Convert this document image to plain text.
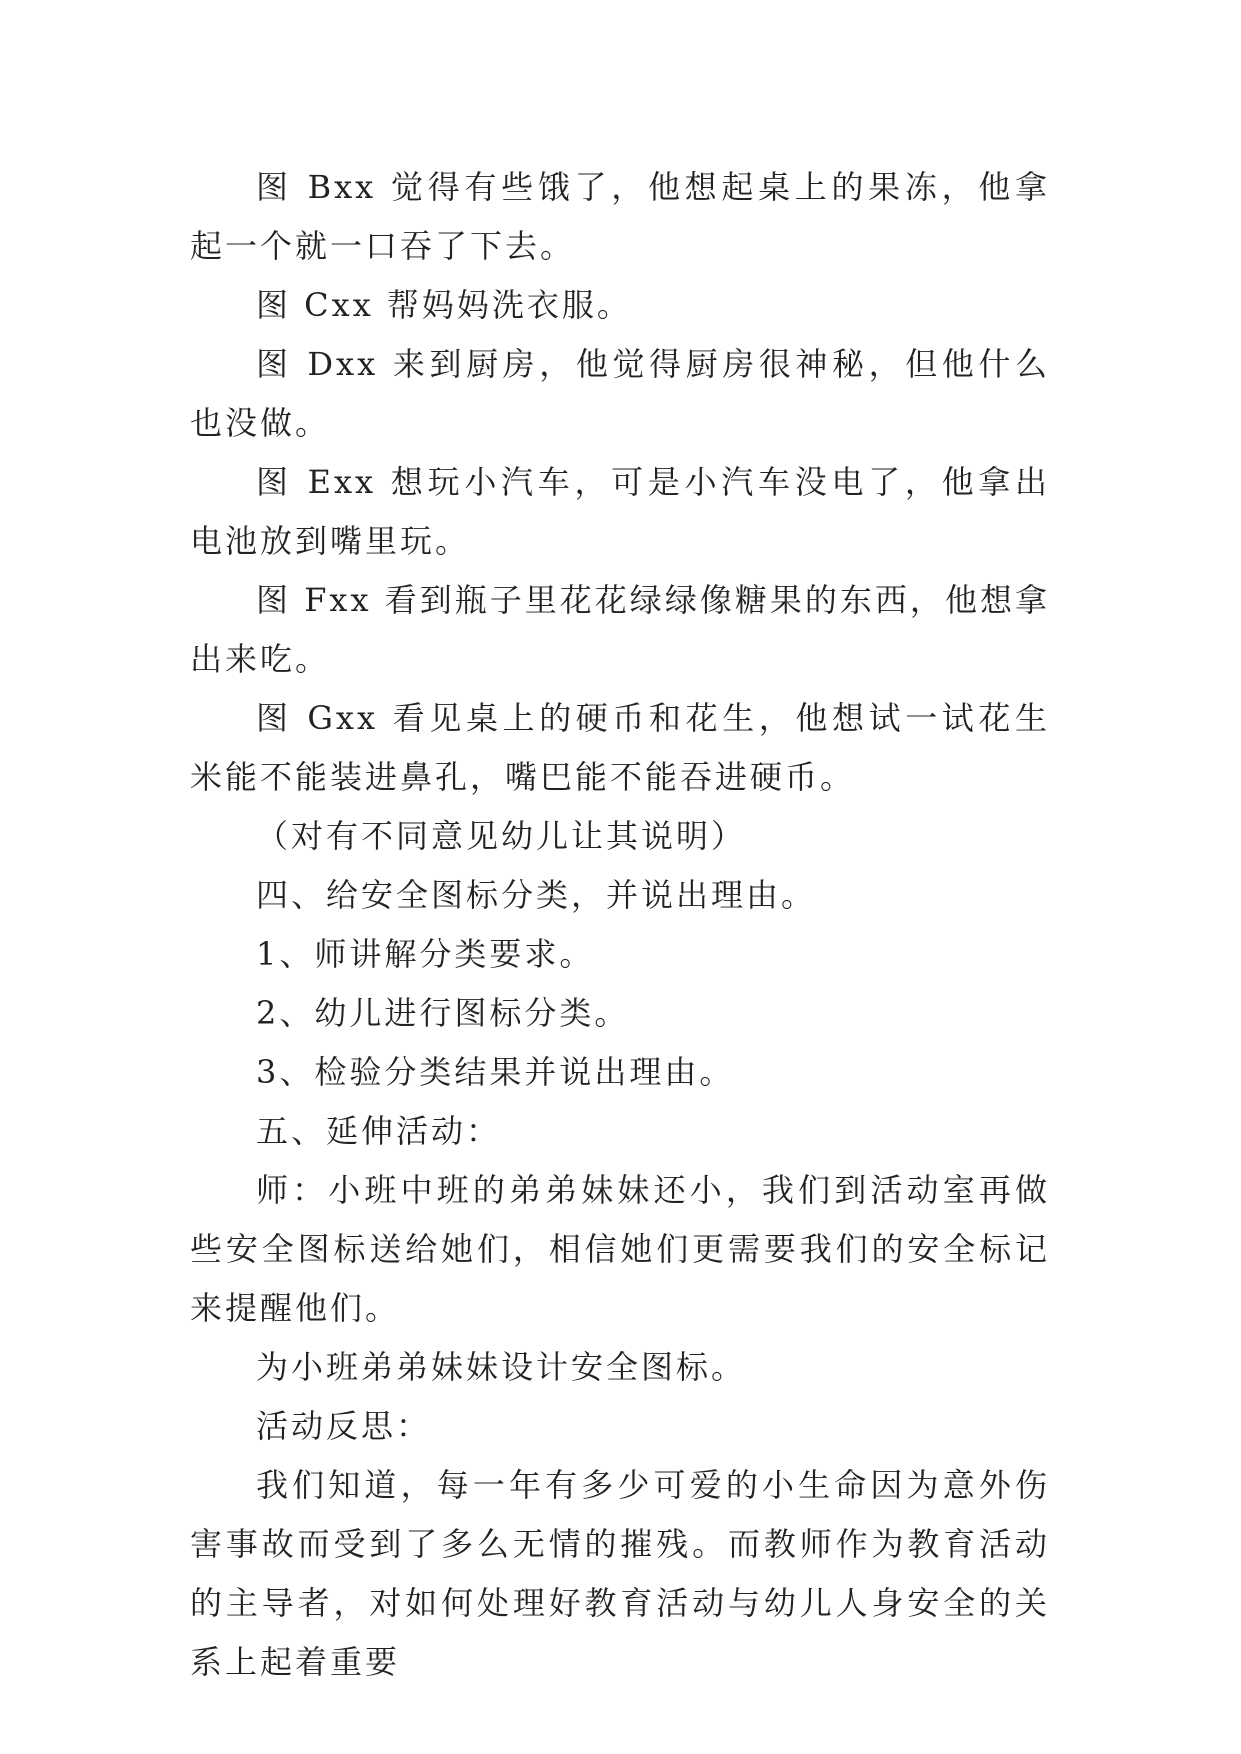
图 Bxx 觉得有些饿了，他想起桌上的果冻，他拿起一个就一口吞了下去。

图 Cxx 帮妈妈洗衣服。

图 Dxx 来到厨房，他觉得厨房很神秘，但他什么也没做。

图 Exx 想玩小汽车，可是小汽车没电了，他拿出电池放到嘴里玩。

图 Fxx 看到瓶子里花花绿绿像糖果的东西，他想拿出来吃。

图 Gxx 看见桌上的硬币和花生，他想试一试花生米能不能装进鼻孔，嘴巴能不能吞进硬币。

（对有不同意见幼儿让其说明）

四、给安全图标分类，并说出理由。

1、师讲解分类要求。

2、幼儿进行图标分类。

3、检验分类结果并说出理由。

五、延伸活动：

师：小班中班的弟弟妹妹还小，我们到活动室再做些安全图标送给她们，相信她们更需要我们的安全标记来提醒他们。

为小班弟弟妹妹设计安全图标。

活动反思：

我们知道，每一年有多少可爱的小生命因为意外伤害事故而受到了多么无情的摧残。而教师作为教育活动的主导者，对如何处理好教育活动与幼儿人身安全的关系上起着重要
